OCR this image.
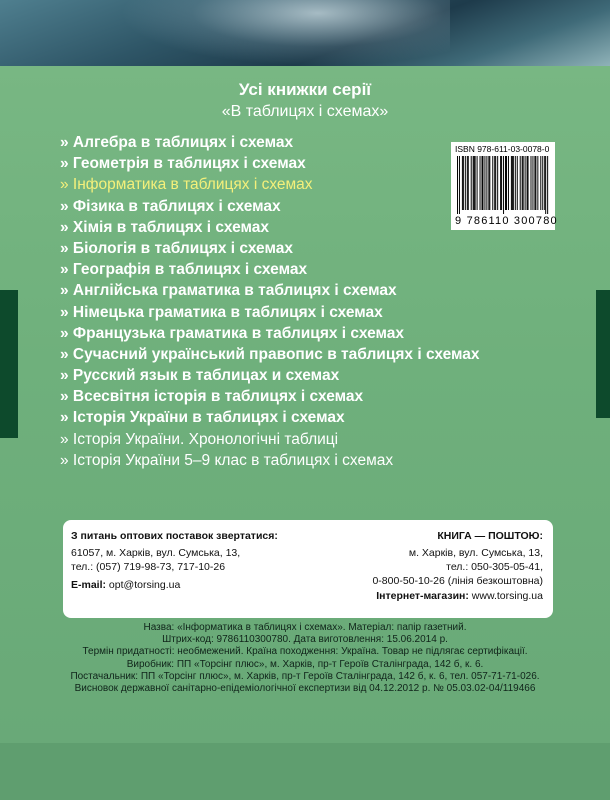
Усі книжки серії
«В таблицях і схемах»
» Алгебра в таблицях і схемах
» Геометрія в таблицях і схемах
» Інформатика в таблицях і схемах
» Фізика в таблицях і схемах
» Хімія в таблицях і схемах
» Біологія в таблицях і схемах
» Географія в таблицях і схемах
» Англійська граматика в таблицях і схемах
» Німецька граматика в таблицях і схемах
» Французька граматика в таблицях і схемах
» Сучасний український правопис в таблицях і схемах
» Русский язык в таблицах и схемах
» Всесвітня історія в таблицях і схемах
» Історія України в таблицях і схемах
» Історія України. Хронологічні таблиці
» Історія України 5–9 клас в таблицях і схемах
ISBN 978-611-03-0078-0
9 786110 300780
З питань оптових поставок звертатися:
61057, м. Харків, вул. Сумська, 13,
тел.: (057) 719-98-73, 717-10-26
E-mail: opt@torsing.ua
КНИГА — ПОШТОЮ:
м. Харків, вул. Сумська, 13,
тел.: 050-305-05-41,
0-800-50-10-26 (лінія безкоштовна)
Інтернет-магазин: www.torsing.ua
Назва: «Інформатика в таблицях і схемах». Матеріал: папір газетний.
Штрих-код: 9786110300780. Дата виготовлення: 15.06.2014 р.
Термін придатності: необмежений. Країна походження: Україна. Товар не підлягає сертифікації.
Виробник: ПП «Торсінг плюс», м. Харків, пр-т Героїв Сталінграда, 142 б, к. 6.
Постачальник: ПП «Торсінг плюс», м. Харків, пр-т Героїв Сталінграда, 142 б, к. 6, тел. 057-71-71-026.
Висновок державної санітарно-епідеміологічної експертизи від 04.12.2012 р. № 05.03.02-04/119466
